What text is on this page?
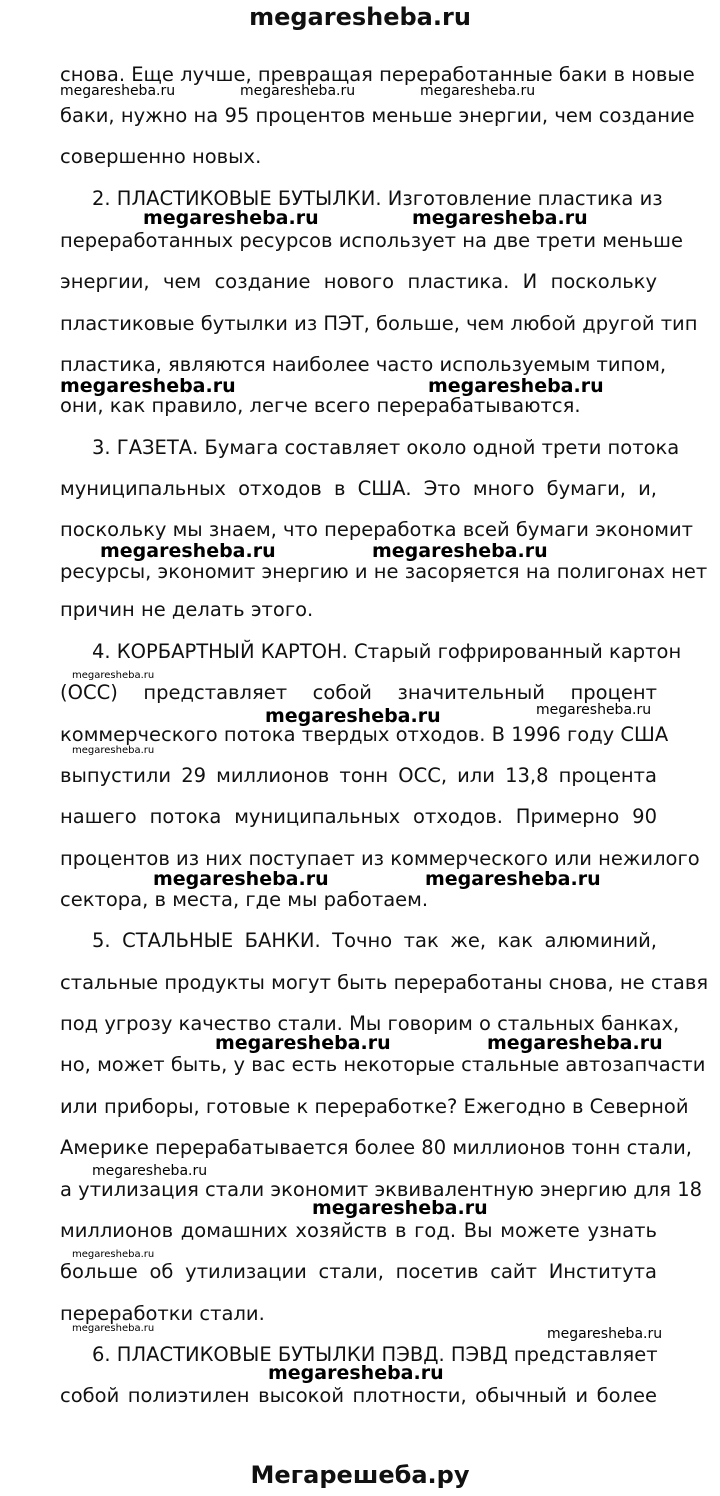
megaresheba.ru
снова. Еще лучше, превращая переработанные баки в новые
баки, нужно на 95 процентов меньше энергии, чем создание
совершенно новых.
2. ПЛАСТИКОВЫЕ БУТЫЛКИ. Изготовление пластика из
переработанных ресурсов использует на две трети меньше
энергии, чем создание нового пластика. И поскольку
пластиковые бутылки из ПЭТ, больше, чем любой другой тип
пластика, являются наиболее часто используемым типом,
они, как правило, легче всего перерабатываются.
3. ГАЗЕТА. Бумага составляет около одной трети потока
муниципальных отходов в США. Это много бумаги, и,
поскольку мы знаем, что переработка всей бумаги экономит
ресурсы, экономит энергию и не засоряется на полигонах нет
причин не делать этого.
4. КОРБАРТНЫЙ КАРТОН. Старый гофрированный картон
(OCC) представляет собой значительный процент
коммерческого потока твердых отходов. В 1996 году США
выпустили 29 миллионов тонн OCC, или 13,8 процента
нашего потока муниципальных отходов. Примерно 90
процентов из них поступает из коммерческого или нежилого
сектора, в места, где мы работаем.
5. СТАЛЬНЫЕ БАНКИ. Точно так же, как алюминий,
стальные продукты могут быть переработаны снова, не ставя
под угрозу качество стали. Мы говорим о стальных банках,
но, может быть, у вас есть некоторые стальные автозапчасти
или приборы, готовые к переработке? Ежегодно в Северной
Америке перерабатывается более 80 миллионов тонн стали,
а утилизация стали экономит эквивалентную энергию для 18
миллионов домашних хозяйств в год. Вы можете узнать
больше об утилизации стали, посетив сайт Института
переработки стали.
6. ПЛАСТИКОВЫЕ БУТЫЛКИ ПЭВД. ПЭВД представляет
собой полиэтилен высокой плотности, обычный и более
megaresheba.ru	megaresheba.ru	megaresheba.ru
megaresheba.ru	megaresheba.ru
megaresheba.ru	megaresheba.ru
megaresheba.ru	megaresheba.ru
megaresheba.ru
megaresheba.ru	megaresheba.ru
megaresheba.ru
megaresheba.ru	megaresheba.ru
megaresheba.ru	megaresheba.ru
megaresheba.ru
megaresheba.ru
megaresheba.ru
megaresheba.ru	megaresheba.ru
megaresheba.ru
Мегарешеба.ру
